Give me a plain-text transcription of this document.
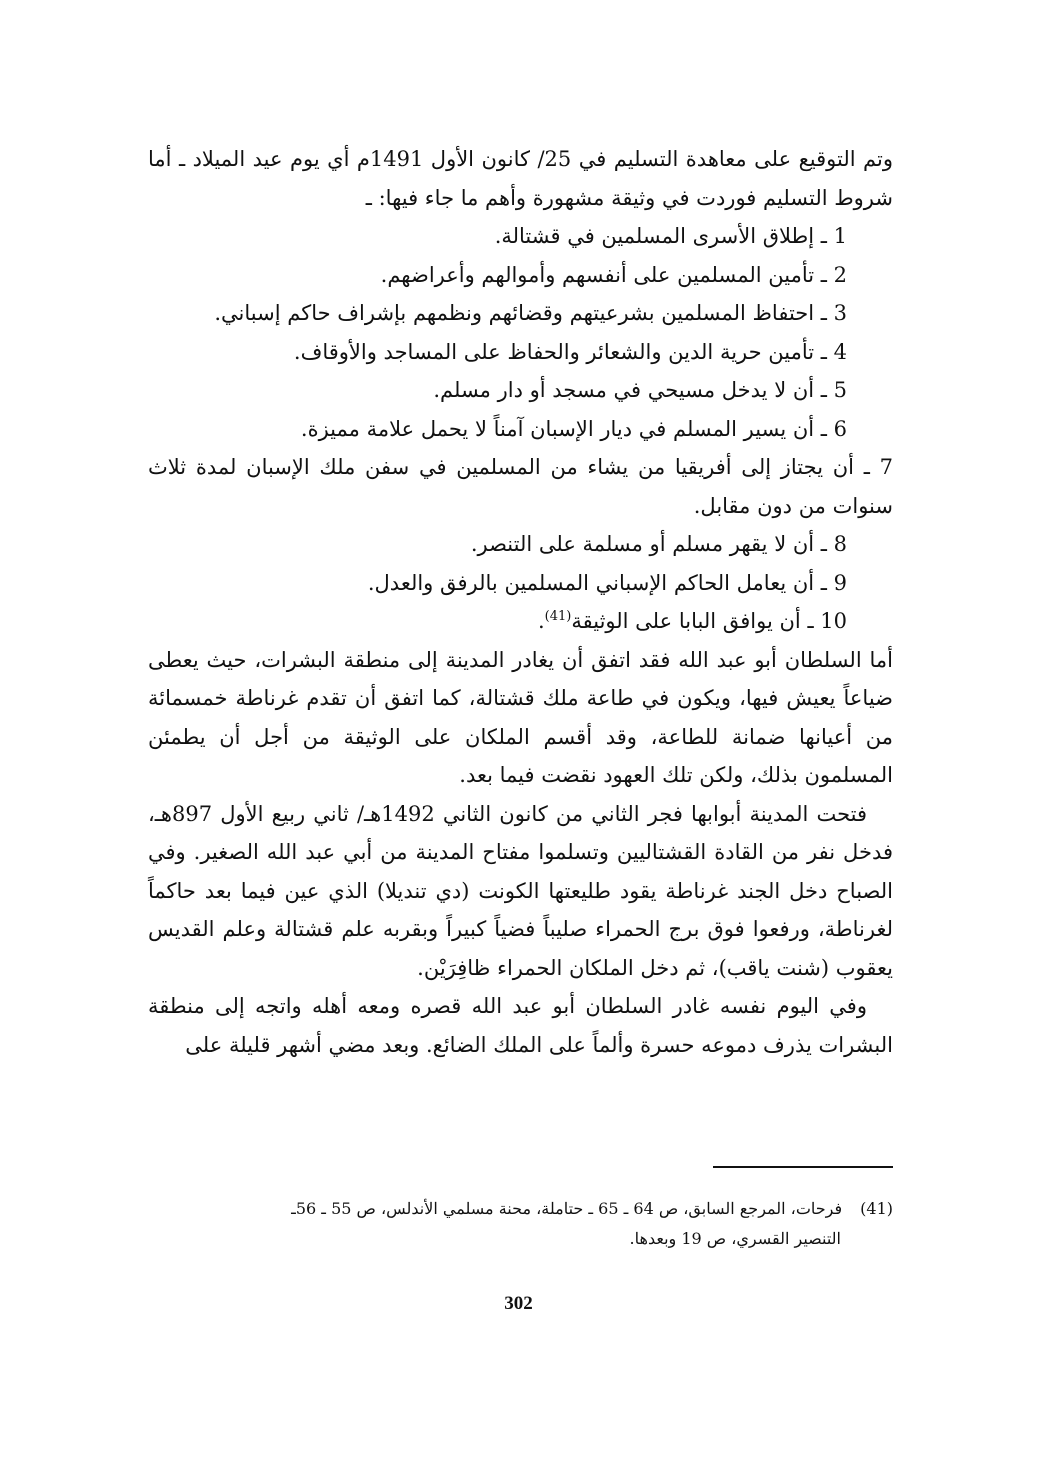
وتم التوقيع على معاهدة التسليم في 25/ كانون الأول 1491م أي يوم عيد الميلاد ـ أما شروط التسليم فوردت في وثيقة مشهورة وأهم ما جاء فيها: ـ

1 ـ إطلاق الأسرى المسلمين في قشتالة.
2 ـ تأمين المسلمين على أنفسهم وأموالهم وأعراضهم.
3 ـ احتفاظ المسلمين بشرعيتهم وقضائهم ونظمهم بإشراف حاكم إسباني.
4 ـ تأمين حرية الدين والشعائر والحفاظ على المساجد والأوقاف.
5 ـ أن لا يدخل مسيحي في مسجد أو دار مسلم.
6 ـ أن يسير المسلم في ديار الإسبان آمناً لا يحمل علامة مميزة.
7 ـ أن يجتاز إلى أفريقيا من يشاء من المسلمين في سفن ملك الإسبان لمدة ثلاث سنوات من دون مقابل.
8 ـ أن لا يقهر مسلم أو مسلمة على التنصر.
9 ـ أن يعامل الحاكم الإسباني المسلمين بالرفق والعدل.
10 ـ أن يوافق البابا على الوثيقة$^{(41)}$.

أما السلطان أبو عبد الله فقد اتفق أن يغادر المدينة إلى منطقة البشرات، حيث يعطى ضياعاً يعيش فيها، ويكون في طاعة ملك قشتالة، كما اتفق أن تقدم غرناطة خمسمائة من أعيانها ضمانة للطاعة، وقد أقسم الملكان على الوثيقة من أجل أن يطمئن المسلمون بذلك، ولكن تلك العهود نقضت فيما بعد.

فتحت المدينة أبوابها فجر الثاني من كانون الثاني 1492هـ/ ثاني ربيع الأول 897هـ، فدخل نفر من القادة القشتاليين وتسلموا مفتاح المدينة من أبي عبد الله الصغير. وفي الصباح دخل الجند غرناطة يقود طليعتها الكونت (دي تنديلا) الذي عين فيما بعد حاكماً لغرناطة، ورفعوا فوق برج الحمراء صليباً فضياً كبيراً وبقربه علم قشتالة وعلم القديس يعقوب (شنت ياقب)، ثم دخل الملكان الحمراء ظافِرَيْن.

وفي اليوم نفسه غادر السلطان أبو عبد الله قصره ومعه أهله واتجه إلى منطقة البشرات يذرف دموعه حسرة وألماً على الملك الضائع. وبعد مضي أشهر قليلة على

(41)فرحات، المرجع السابق، ص 64 ـ 65 ـ حتاملة، محنة مسلمي الأندلس، ص 55 ـ 56ـ
التنصير القسري، ص 19 وبعدها.
302
